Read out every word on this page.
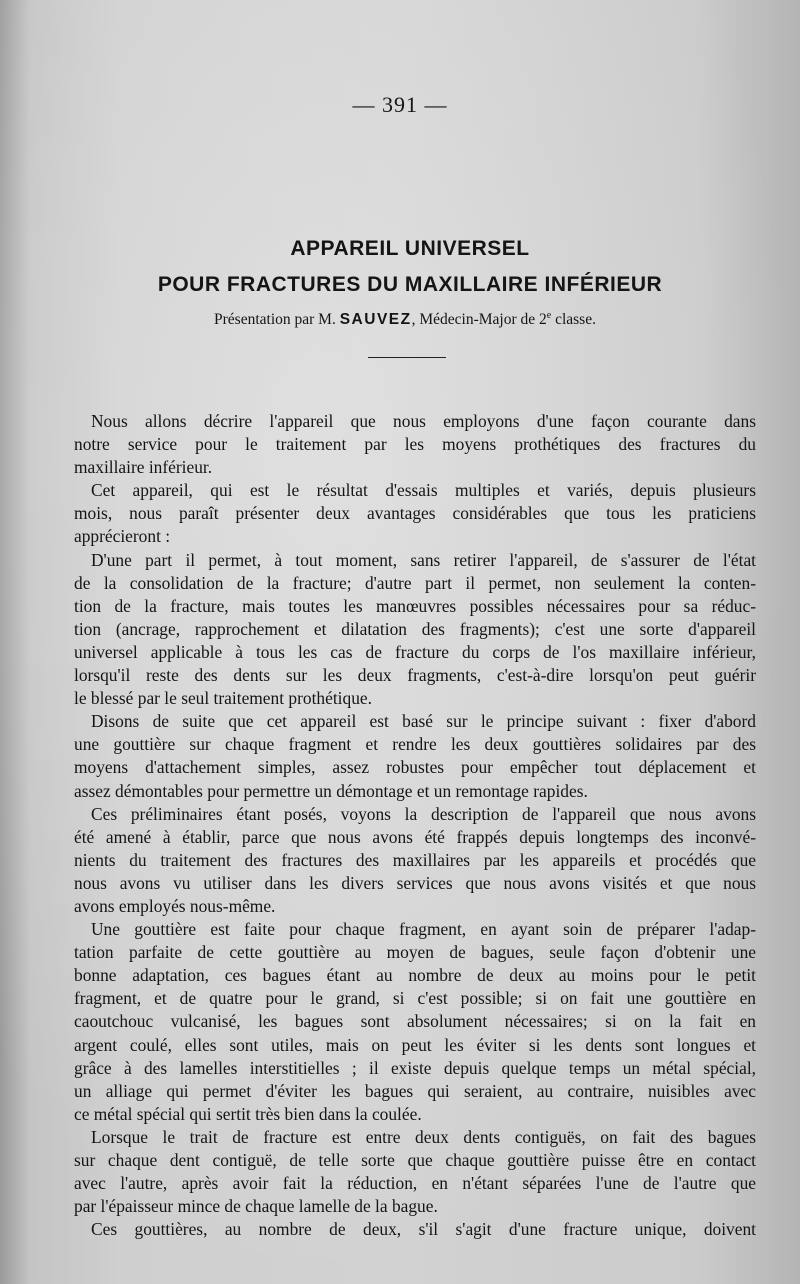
— 391 —
APPAREIL UNIVERSEL
POUR FRACTURES DU MAXILLAIRE INFÉRIEUR
Présentation par M. SAUVEZ, Médecin-Major de 2e classe.
Nous allons décrire l'appareil que nous employons d'une façon courante dans
notre service pour le traitement par les moyens prothétiques des fractures du
maxillaire inférieur.
Cet appareil, qui est le résultat d'essais multiples et variés, depuis plusieurs
mois, nous paraît présenter deux avantages considérables que tous les praticiens
apprécieront :
D'une part il permet, à tout moment, sans retirer l'appareil, de s'assurer de l'état
de la consolidation de la fracture; d'autre part il permet, non seulement la conten-
tion de la fracture, mais toutes les manœuvres possibles nécessaires pour sa réduc-
tion (ancrage, rapprochement et dilatation des fragments); c'est une sorte d'appareil
universel applicable à tous les cas de fracture du corps de l'os maxillaire inférieur,
lorsqu'il reste des dents sur les deux fragments, c'est-à-dire lorsqu'on peut guérir
le blessé par le seul traitement prothétique.
Disons de suite que cet appareil est basé sur le principe suivant : fixer d'abord
une gouttière sur chaque fragment et rendre les deux gouttières solidaires par des
moyens d'attachement simples, assez robustes pour empêcher tout déplacement et
assez démontables pour permettre un démontage et un remontage rapides.
Ces préliminaires étant posés, voyons la description de l'appareil que nous avons
été amené à établir, parce que nous avons été frappés depuis longtemps des inconvé-
nients du traitement des fractures des maxillaires par les appareils et procédés que
nous avons vu utiliser dans les divers services que nous avons visités et que nous
avons employés nous-même.
Une gouttière est faite pour chaque fragment, en ayant soin de préparer l'adap-
tation parfaite de cette gouttière au moyen de bagues, seule façon d'obtenir une
bonne adaptation, ces bagues étant au nombre de deux au moins pour le petit
fragment, et de quatre pour le grand, si c'est possible; si on fait une gouttière en
caoutchouc vulcanisé, les bagues sont absolument nécessaires; si on la fait en
argent coulé, elles sont utiles, mais on peut les éviter si les dents sont longues et
grâce à des lamelles interstitielles ; il existe depuis quelque temps un métal spécial,
un alliage qui permet d'éviter les bagues qui seraient, au contraire, nuisibles avec
ce métal spécial qui sertit très bien dans la coulée.
Lorsque le trait de fracture est entre deux dents contiguës, on fait des bagues
sur chaque dent contiguë, de telle sorte que chaque gouttière puisse être en contact
avec l'autre, après avoir fait la réduction, en n'étant séparées l'une de l'autre que
par l'épaisseur mince de chaque lamelle de la bague.
Ces gouttières, au nombre de deux, s'il s'agit d'une fracture unique, doivent
